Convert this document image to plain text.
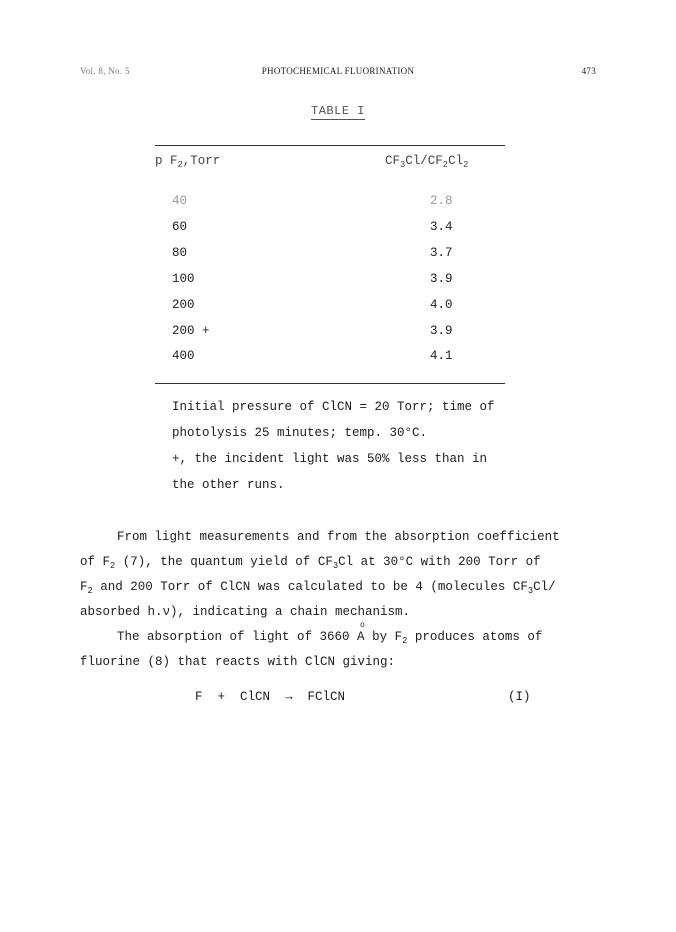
Vol. 8, No. 5	PHOTOCHEMICAL FLUORINATION	473
TABLE I
p $F_2,Torr$	$CF_3Cl/CF_2Cl_2$
40	2.8
60	3.4
80	3.7
100	3.9
200	4.0
200 +	3.9
400	4.1
Initial pressure of ClCN = 20 Torr; time of
photolysis 25 minutes; temp. 30°C.
+, the incident light was 50% less than in
the other runs.
From light measurements and from the absorption coefficient
of $F_2$ (7), the quantum yield of $CF_3Cl$ at 30°C with 200 Torr of
$F_2$ and 200 Torr of ClCN was calculated to be 4 (molecules $CF_3Cl/$
absorbed h.ν), indicating a chain mechanism.
The absorption of light of 3660
o
A by $F_2$ produces atoms of
fluorine (8) that reacts with ClCN giving:
F  +  ClCN  →  FClCN	(I)
